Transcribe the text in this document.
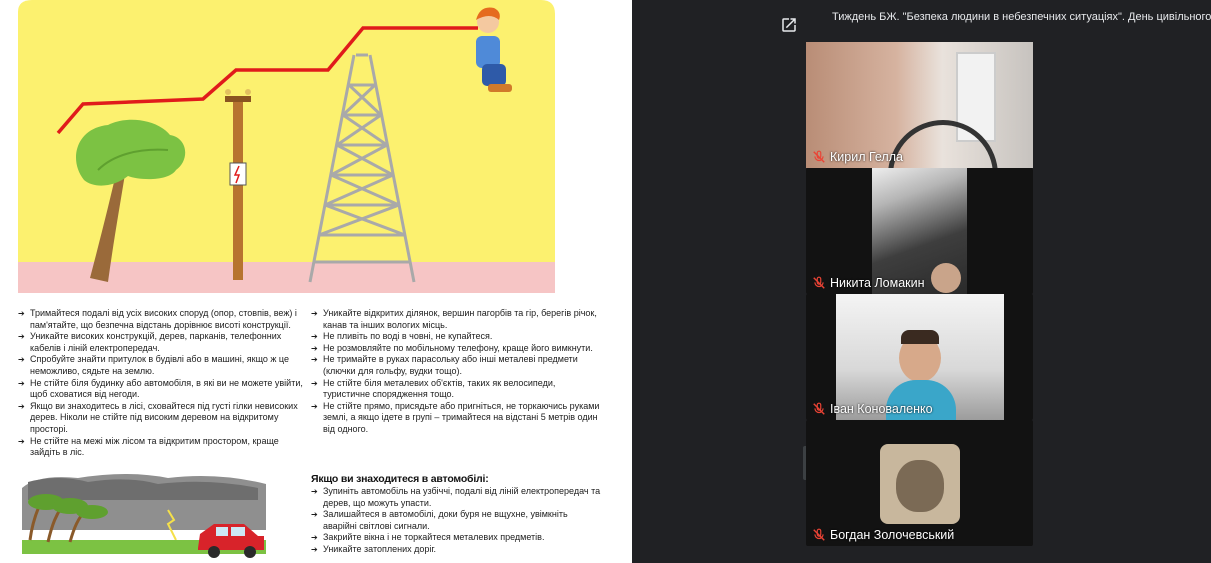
➔ Тримайтеся подалі від усіх високих споруд (опор, стовпів, веж) і пам'ятайте, що безпечна відстань дорівнює висоті конструкції.
➔ Уникайте високих конструкцій, дерев, парканів, телефонних кабелів і ліній електропередач.
➔ Спробуйте знайти притулок в будівлі або в машині, якщо ж це неможливо, сядьте на землю.
➔ Не стійте біля будинку або автомобіля, в які ви не можете увійти, щоб сховатися від негоди.
➔ Якщо ви знаходитесь в лісі, сховайтеся під густі гілки невисоких дерев. Ніколи не стійте під високим деревом на відкритому просторі.
➔ Не стійте на межі між лісом та відкритим простором, краще зайдіть в ліс.
➔ Уникайте відкритих ділянок, вершин пагорбів та гір, берегів річок, канав та інших вологих місць.
➔ Не пливіть по воді в човні, не купайтеся.
➔ Не розмовляйте по мобільному телефону, краще його вимкнути.
➔ Не тримайте в руках парасольку або інші металеві предмети (ключки для гольфу, вудки тощо).
➔ Не стійте біля металевих об'єктів, таких як велосипеди, туристичне спорядження тощо.
➔ Не стійте прямо, присядьте або пригніться, не торкаючись руками землі, а якщо ідете в групі – тримайтеся на відстані 5 метрів один від одного.
Якщо ви знаходитеся в автомобілі:
➔ Зупиніть автомобіль на узбіччі, подалі від ліній електропередач та дерев, що можуть упасти.
➔ Залишайтеся в автомобілі, доки буря не вщухне, увімкніть аварійні світлові сигнали.
➔ Закрийте вікна і не торкайтеся металевих предметів.
➔ Уникайте затоплених доріг.
Тиждень БЖ. "Безпека людини в небезпечних ситуаціях". День цивільного
Кирил Гелла
Никита Ломакин
Іван Коноваленко
Богдан Золочевський
